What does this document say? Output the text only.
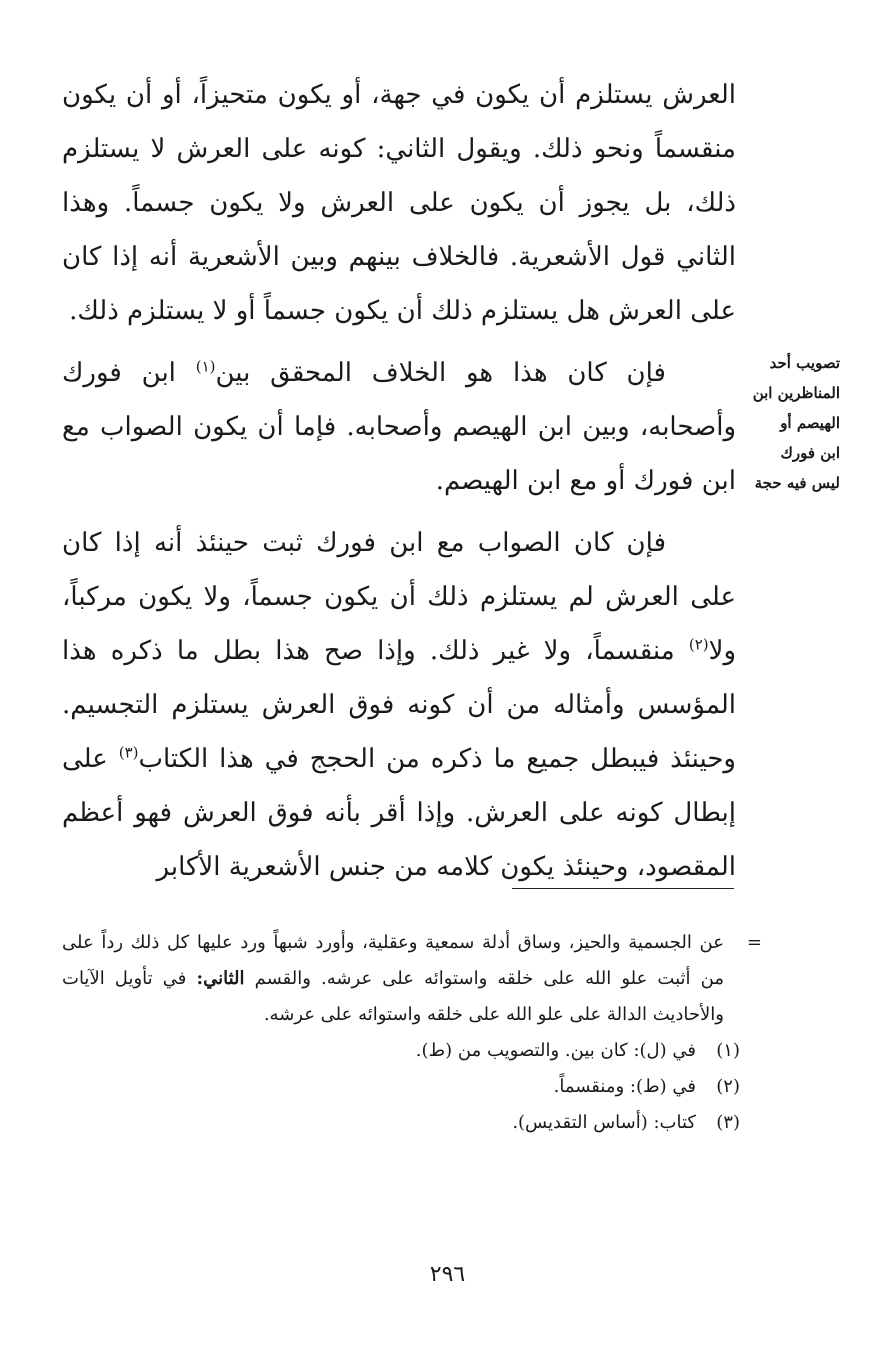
العرش يستلزم أن يكون في جهة، أو يكون متحيزاً، أو أن يكون منقسماً ونحو ذلك. ويقول الثاني: كونه على العرش لا يستلزم ذلك، بل يجوز أن يكون على العرش ولا يكون جسماً. وهذا الثاني قول الأشعرية. فالخلاف بينهم وبين الأشعرية أنه إذا كان على العرش هل يستلزم ذلك أن يكون جسماً أو لا يستلزم ذلك.

فإن كان هذا هو الخلاف المحقق بين$^{(١)}$ ابن فورك وأصحابه، وبين ابن الهيصم وأصحابه. فإما أن يكون الصواب مع ابن فورك أو مع ابن الهيصم.

فإن كان الصواب مع ابن فورك ثبت حينئذ أنه إذا كان على العرش لم يستلزم ذلك أن يكون جسماً، ولا يكون مركباً، ولا$^{(٢)}$ منقسماً، ولا غير ذلك. وإذا صح هذا بطل ما ذكره هذا المؤسس وأمثاله من أن كونه فوق العرش يستلزم التجسيم. وحينئذ فيبطل جميع ما ذكره من الحجج في هذا الكتاب$^{(٣)}$ على إبطال كونه على العرش. وإذا أقر بأنه فوق العرش فهو أعظم المقصود، وحينئذ يكون كلامه من جنس الأشعرية الأكابر

تصويب أحد
المناظرين ابن
الهيصم أو
ابن فورك
ليس فيه حجة
=
عن الجسمية والحيز، وساق أدلة سمعية وعقلية، وأورد شبهاً ورد عليها كل ذلك رداً على من أثبت علو الله على خلقه واستوائه على عرشه. والقسم الثاني: في تأويل الآيات والأحاديث الدالة على علو الله على خلقه واستوائه على عرشه.
(١)في (ل): كان بين. والتصويب من (ط).
(٢)في (ط): ومنقسماً.
(٣)كتاب: (أساس التقديس).
٢٩٦
